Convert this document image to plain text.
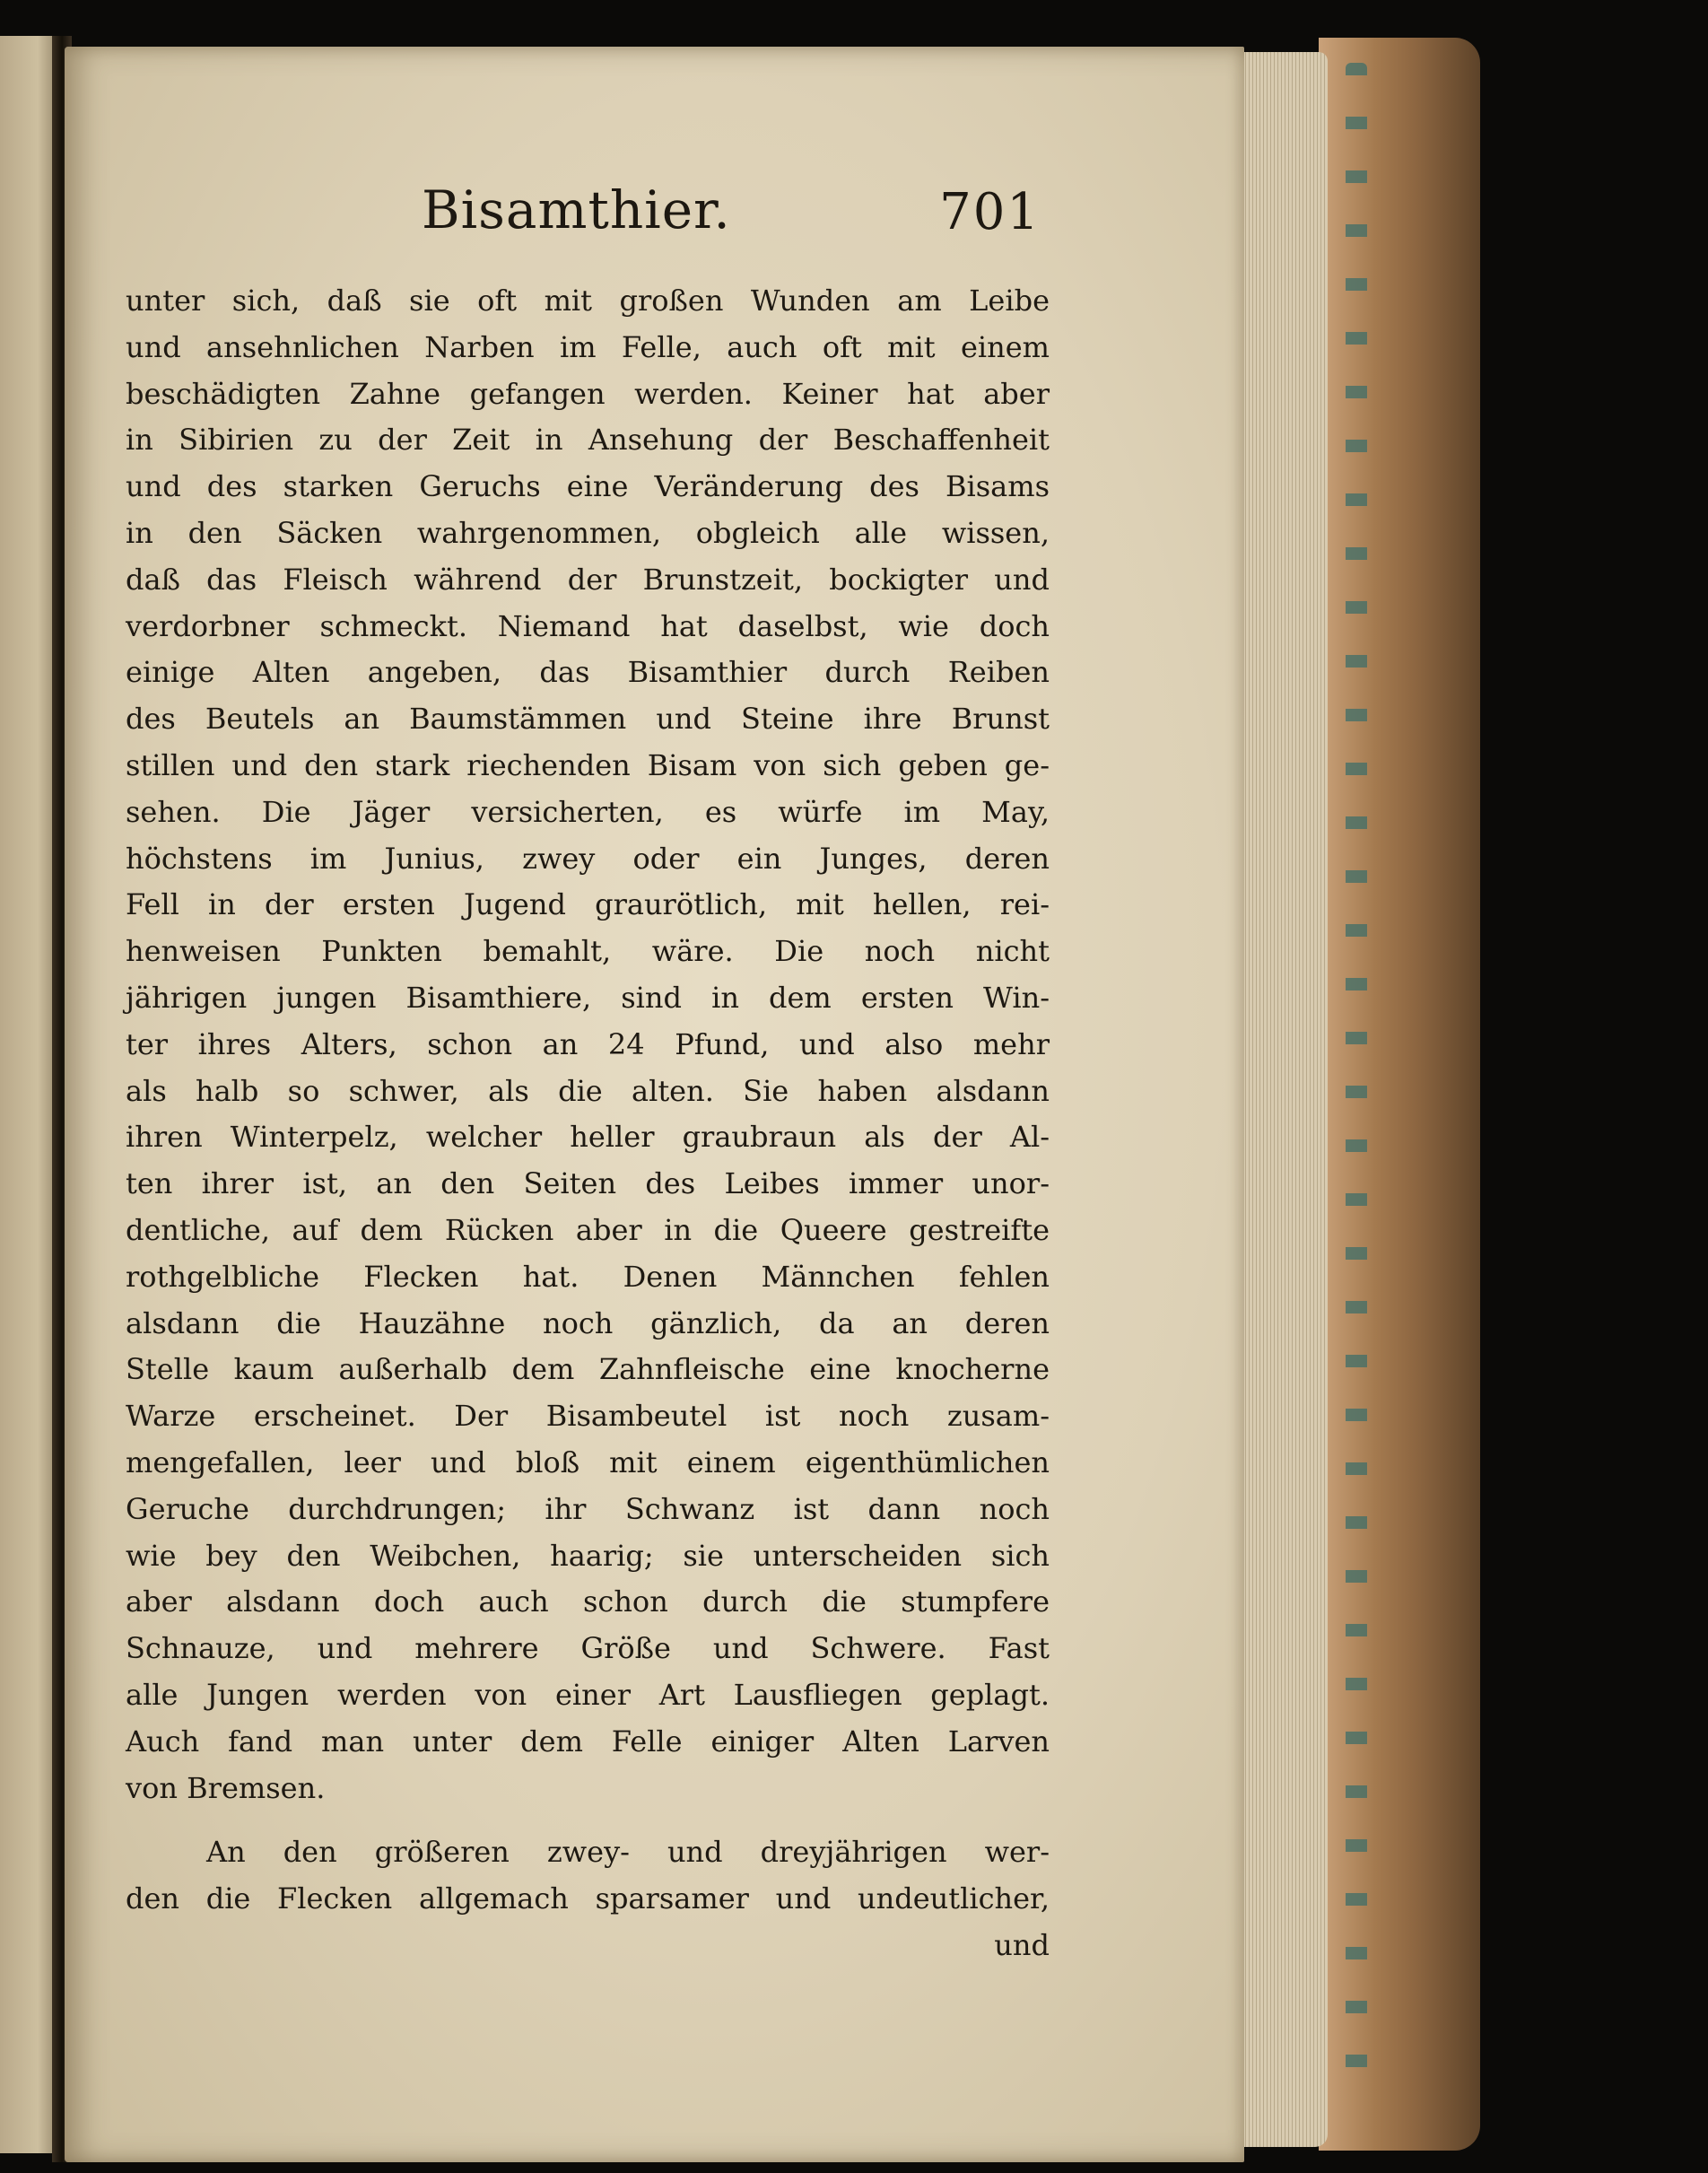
Bisamthier.	701
unter sich, daß sie oft mit großen Wunden am Leibe
und ansehnlichen Narben im Felle, auch oft mit einem
beschädigten Zahne gefangen werden. Keiner hat aber
in Sibirien zu der Zeit in Ansehung der Beschaffenheit
und des starken Geruchs eine Veränderung des Bisams
in den Säcken wahrgenommen, obgleich alle wissen,
daß das Fleisch während der Brunstzeit, bockigter und
verdorbner schmeckt. Niemand hat daselbst, wie doch
einige Alten angeben, das Bisamthier durch Reiben
des Beutels an Baumstämmen und Steine ihre Brunst
stillen und den stark riechenden Bisam von sich geben ge-
sehen. Die Jäger versicherten, es würfe im May,
höchstens im Junius, zwey oder ein Junges, deren
Fell in der ersten Jugend graurötlich, mit hellen, rei-
henweisen Punkten bemahlt, wäre. Die noch nicht
jährigen jungen Bisamthiere, sind in dem ersten Win-
ter ihres Alters, schon an 24 Pfund, und also mehr
als halb so schwer, als die alten. Sie haben alsdann
ihren Winterpelz, welcher heller graubraun als der Al-
ten ihrer ist, an den Seiten des Leibes immer unor-
dentliche, auf dem Rücken aber in die Queere gestreifte
rothgelbliche Flecken hat. Denen Männchen fehlen
alsdann die Hauzähne noch gänzlich, da an deren
Stelle kaum außerhalb dem Zahnfleische eine knocherne
Warze erscheinet. Der Bisambeutel ist noch zusam-
mengefallen, leer und bloß mit einem eigenthümlichen
Geruche durchdrungen; ihr Schwanz ist dann noch
wie bey den Weibchen, haarig; sie unterscheiden sich
aber alsdann doch auch schon durch die stumpfere
Schnauze, und mehrere Größe und Schwere. Fast
alle Jungen werden von einer Art Lausfliegen geplagt.
Auch fand man unter dem Felle einiger Alten Larven
von Bremsen.
An den größeren zwey- und dreyjährigen wer-
den die Flecken allgemach sparsamer und undeutlicher,
und
